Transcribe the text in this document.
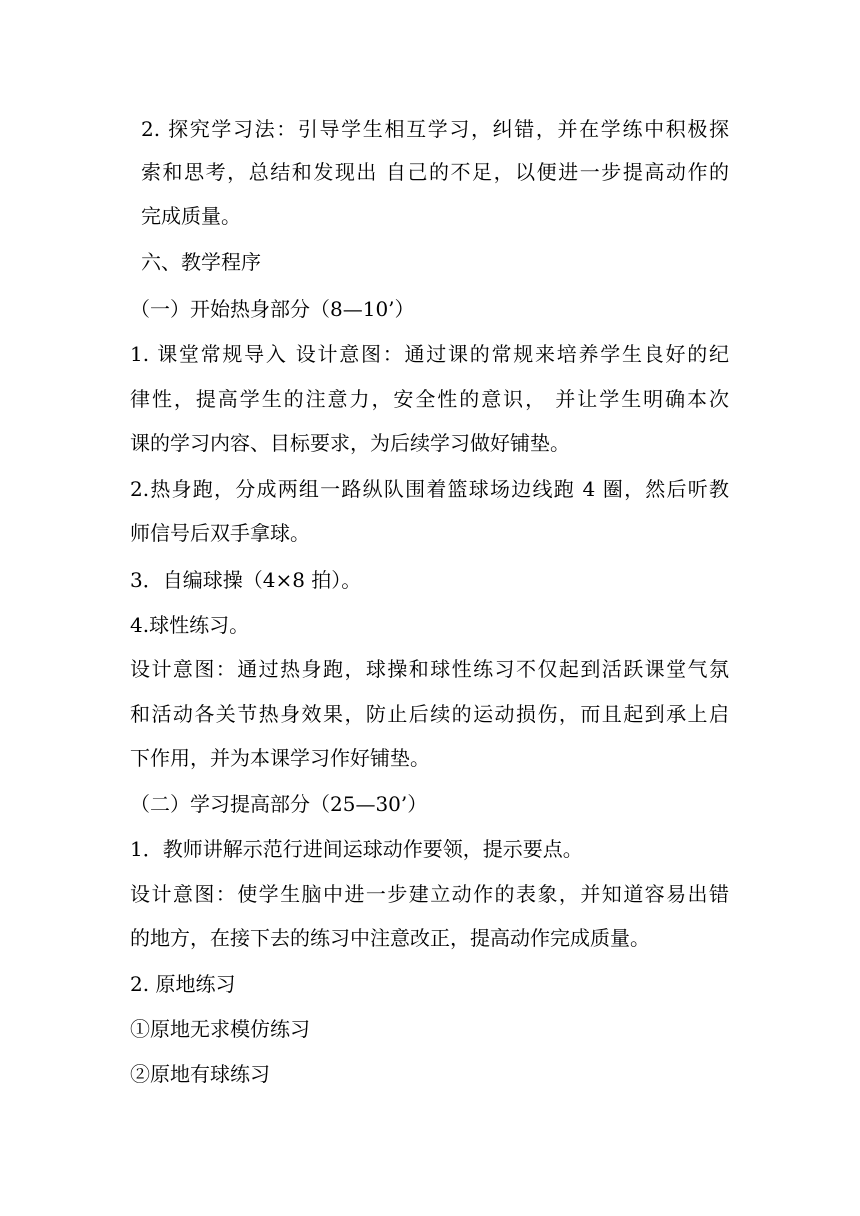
2. 探究学习法：引导学生相互学习，纠错，并在学练中积极探
索和思考，总结和发现出 自己的不足，以便进一步提高动作的
完成质量。
六、教学程序
（一）开始热身部分（8—10’）
1. 课堂常规导入 设计意图：通过课的常规来培养学生良好的纪
律性，提高学生的注意力，安全性的意识， 并让学生明确本次
课的学习内容、目标要求，为后续学习做好铺垫。
2.热身跑，分成两组一路纵队围着篮球场边线跑 4 圈，然后听教
师信号后双手拿球。
3．自编球操（4×8 拍）。
4.球性练习。
设计意图：通过热身跑，球操和球性练习不仅起到活跃课堂气氛
和活动各关节热身效果，防止后续的运动损伤，而且起到承上启
下作用，并为本课学习作好铺垫。
（二）学习提高部分（25—30’）
1．教师讲解示范行进间运球动作要领，提示要点。
设计意图：使学生脑中进一步建立动作的表象，并知道容易出错
的地方，在接下去的练习中注意改正，提高动作完成质量。
2. 原地练习
①原地无求模仿练习
②原地有球练习
